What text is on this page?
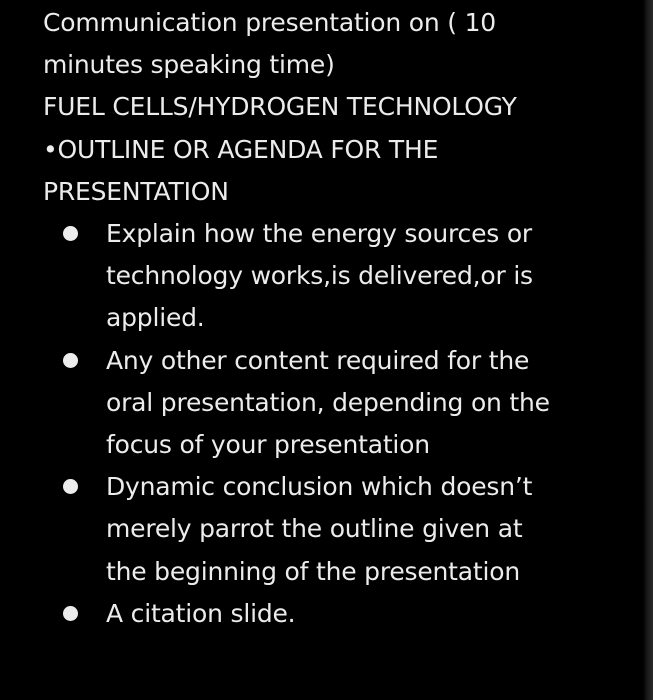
Communication presentation on ( 10
minutes speaking time)
FUEL CELLS/HYDROGEN TECHNOLOGY
•OUTLINE OR AGENDA FOR THE
PRESENTATION
Explain how the energy sources or
technology works,is delivered,or is
applied.
Any other content required for the
oral presentation, depending on the
focus of your presentation
Dynamic conclusion which doesn’t
merely parrot the outline given at
the beginning of the presentation
A citation slide.
